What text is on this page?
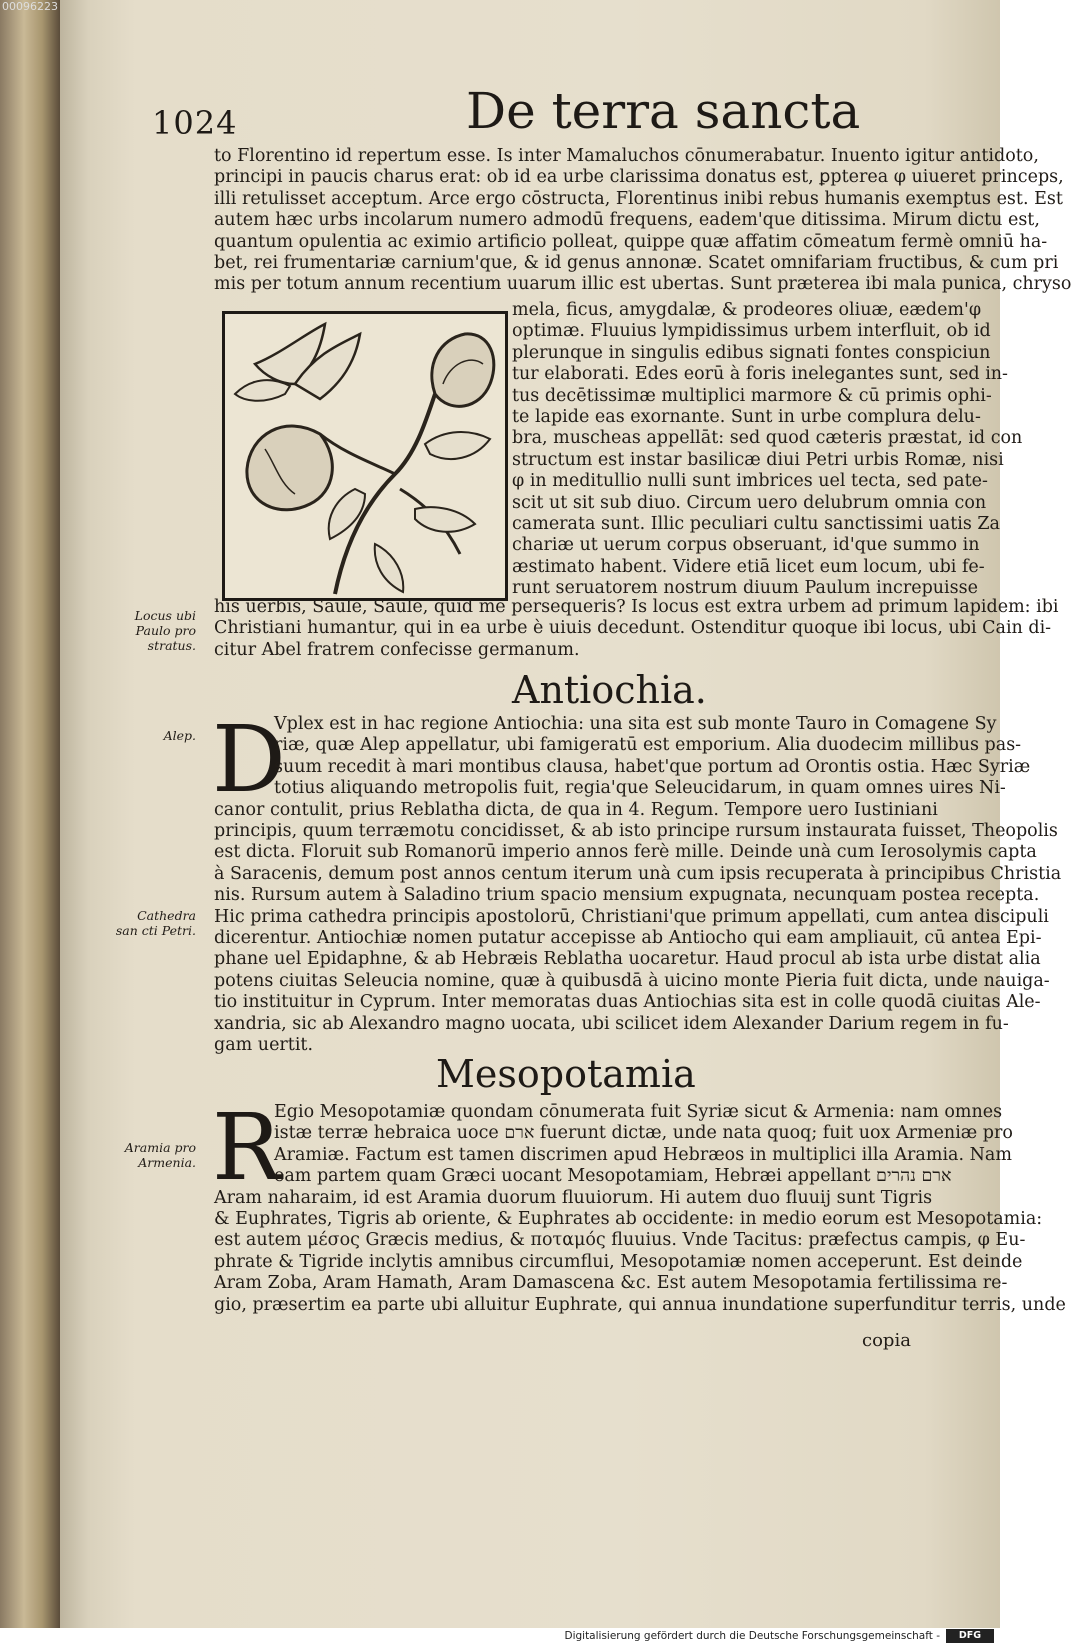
00096223
1024	De terra sancta
to Florentino id repertum esse. Is inter Mamaluchos cōnumerabatur. Inuento igitur antidoto,
principi in paucis charus erat: ob id ea urbe clarissima donatus est, ꝑpterea φ uiueret princeps,
illi retulisset acceptum. Arce ergo cōstructa, Florentinus inibi rebus humanis exemptus est. Est
autem hæc urbs incolarum numero admodū frequens, eadem'que ditissima. Mirum dictu est,
quantum opulentia ac eximio artificio polleat, quippe quæ affatim cōmeatum fermè omniū ha-
bet, rei frumentariæ carnium'que, & id genus annonæ. Scatet omnifariam fructibus, & cum pri
mis per totum annum recentium uuarum illic est ubertas. Sunt præterea ibi mala punica, chryso
mela, ficus, amygdalæ, & prodeores oliuæ, eædem'φ
optimæ. Fluuius lympidissimus urbem interfluit, ob id
plerunque in singulis edibus signati fontes conspiciun
tur elaborati. Edes eorū à foris inelegantes sunt, sed in-
tus decētissimæ multiplici marmore & cū primis ophi-
te lapide eas exornante. Sunt in urbe complura delu-
bra, muscheas appellāt: sed quod cæteris præstat, id con
structum est instar basilicæ diui Petri urbis Romæ, nisi
φ in meditullio nulli sunt imbrices uel tecta, sed pate-
scit ut sit sub diuo. Circum uero delubrum omnia con
camerata sunt. Illic peculiari cultu sanctissimi uatis Za
chariæ ut uerum corpus obseruant, id'que summo in
æstimato habent. Videre etiā licet eum locum, ubi fe-
runt seruatorem nostrum diuum Paulum increpuisse
his uerbis, Saule, Saule, quid me persequeris? Is locus est extra urbem ad primum lapidem: ibi
Christiani humantur, qui in ea urbe è uiuis decedunt. Ostenditur quoque ibi locus, ubi Cain di-
citur Abel fratrem confecisse germanum.
Antiochia.
D
Vplex est in hac regione Antiochia: una sita est sub monte Tauro in Comagene Sy
riæ, quæ Alep appellatur, ubi famigeratū est emporium. Alia duodecim millibus pas-
suum recedit à mari montibus clausa, habet'que portum ad Orontis ostia. Hæc Syriæ
totius aliquando metropolis fuit, regia'que Seleucidarum, in quam omnes uires Ni-
canor contulit, prius Reblatha dicta, de qua in 4. Regum. Tempore uero Iustiniani
principis, quum terræmotu concidisset, & ab isto principe rursum instaurata fuisset, Theopolis
est dicta. Floruit sub Romanorū imperio annos ferè mille. Deinde unà cum Ierosolymis capta
à Saracenis, demum post annos centum iterum unà cum ipsis recuperata à principibus Christia
nis. Rursum autem à Saladino trium spacio mensium expugnata, necunquam postea recepta.
Hic prima cathedra principis apostolorū, Christiani'que primum appellati, cum antea discipuli
dicerentur. Antiochiæ nomen putatur accepisse ab Antiocho qui eam ampliauit, cū antea Epi-
phane uel Epidaphne, & ab Hebræis Reblatha uocaretur. Haud procul ab ista urbe distat alia
potens ciuitas Seleucia nomine, quæ à quibusdā à uicino monte Pieria fuit dicta, unde nauiga-
tio instituitur in Cyprum. Inter memoratas duas Antiochias sita est in colle quodā ciuitas Ale-
xandria, sic ab Alexandro magno uocata, ubi scilicet idem Alexander Darium regem in fu-
gam uertit.
Mesopotamia
R
Egio Mesopotamiæ quondam cōnumerata fuit Syriæ sicut & Armenia: nam omnes
istæ terræ hebraica uoce ארם fuerunt dictæ, unde nata quoq; fuit uox Armeniæ pro
Aramiæ. Factum est tamen discrimen apud Hebræos in multiplici illa Aramia. Nam
eam partem quam Græci uocant Mesopotamiam, Hebræi appellant ארם נהרים
Aram naharaim, id est Aramia duorum fluuiorum. Hi autem duo fluuij sunt Tigris
& Euphrates, Tigris ab oriente, & Euphrates ab occidente: in medio eorum est Mesopotamia:
est autem μέσος Græcis medius, & ποταμός fluuius. Vnde Tacitus: præfectus campis, φ Eu-
phrate & Tigride inclytis amnibus circumflui, Mesopotamiæ nomen acceperunt. Est deinde
Aram Zoba, Aram Hamath, Aram Damascena &c. Est autem Mesopotamia fertilissima re-
gio, præsertim ea parte ubi alluitur Euphrate, qui annua inundatione superfunditur terris, unde
copia
Locus ubi Paulo pro stratus.
Alep.
Cathedra san cti Petri.
Aramia pro Armenia.
Digitalisierung gefördert durch die Deutsche Forschungsgemeinschaft -	DFG
